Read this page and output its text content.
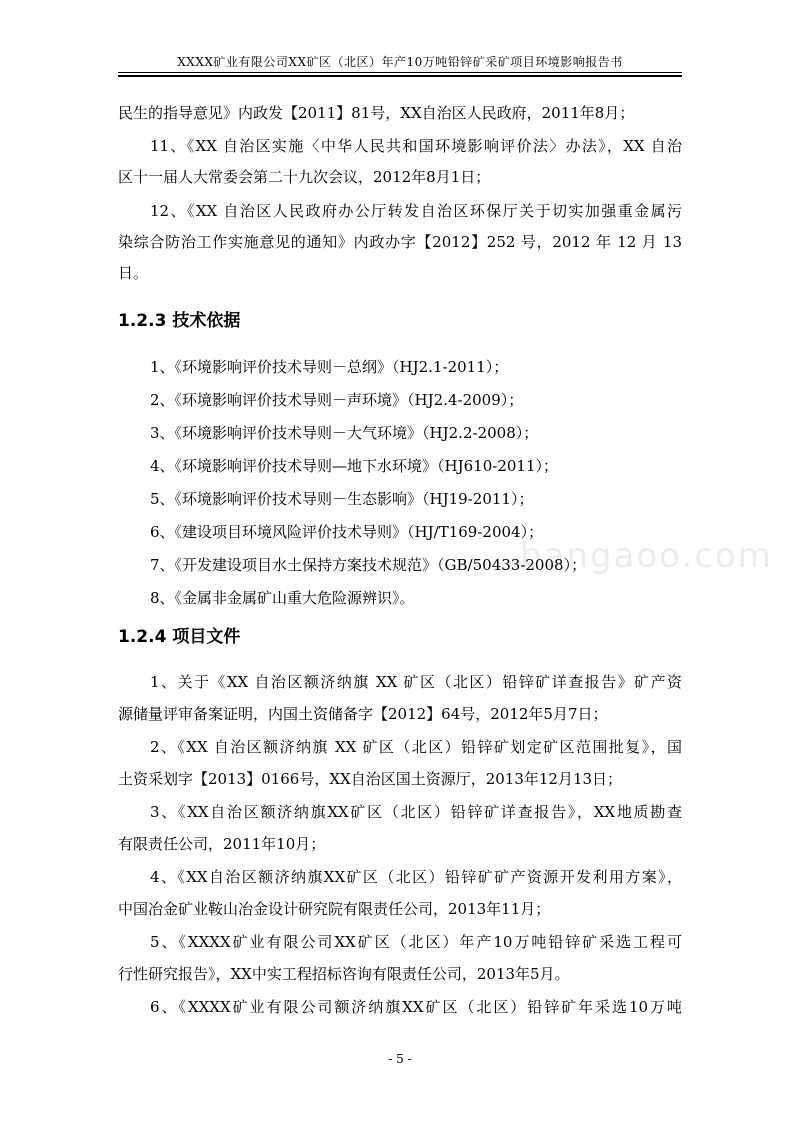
XXXX矿业有限公司XX矿区（北区）年产10万吨铅锌矿采矿项目环境影响报告书
bangaoo.com
民生的指导意见》内政发【2011】81号，XX自治区人民政府，2011年8月；
11、《XX 自治区实施〈中华人民共和国环境影响评价法〉办法》，XX 自治
区十一届人大常委会第二十九次会议，2012年8月1日；
12、《XX 自治区人民政府办公厅转发自治区环保厅关于切实加强重金属污
染综合防治工作实施意见的通知》内政办字【2012】252 号，2012 年 12 月 13
日。
1.2.3 技术依据
1、《环境影响评价技术导则－总纲》（HJ2.1-2011）；
2、《环境影响评价技术导则－声环境》（HJ2.4-2009）；
3、《环境影响评价技术导则－大气环境》（HJ2.2-2008）；
4、《环境影响评价技术导则—地下水环境》（HJ610-2011）；
5、《环境影响评价技术导则－生态影响》（HJ19-2011）；
6、《建设项目环境风险评价技术导则》（HJ/T169-2004）；
7、《开发建设项目水土保持方案技术规范》（GB/50433-2008）；
8、《金属非金属矿山重大危险源辨识》。
1.2.4 项目文件
1、关于《XX 自治区额济纳旗 XX 矿区（北区）铅锌矿详查报告》矿产资
源储量评审备案证明，内国土资储备字【2012】64号，2012年5月7日；
2、《XX 自治区额济纳旗 XX 矿区（北区）铅锌矿划定矿区范围批复》，国
土资采划字【2013】0166号，XX自治区国土资源厅，2013年12月13日；
3、《XX自治区额济纳旗XX矿区（北区）铅锌矿详查报告》，XX地质勘查
有限责任公司，2011年10月；
4、《XX自治区额济纳旗XX矿区（北区）铅锌矿矿产资源开发利用方案》，
中国冶金矿业鞍山冶金设计研究院有限责任公司，2013年11月；
5、《XXXX矿业有限公司XX矿区（北区）年产10万吨铅锌矿采选工程可
行性研究报告》，XX中实工程招标咨询有限责任公司，2013年5月。
6、《XXXX矿业有限公司额济纳旗XX矿区（北区）铅锌矿年采选10万吨
- 5 -
